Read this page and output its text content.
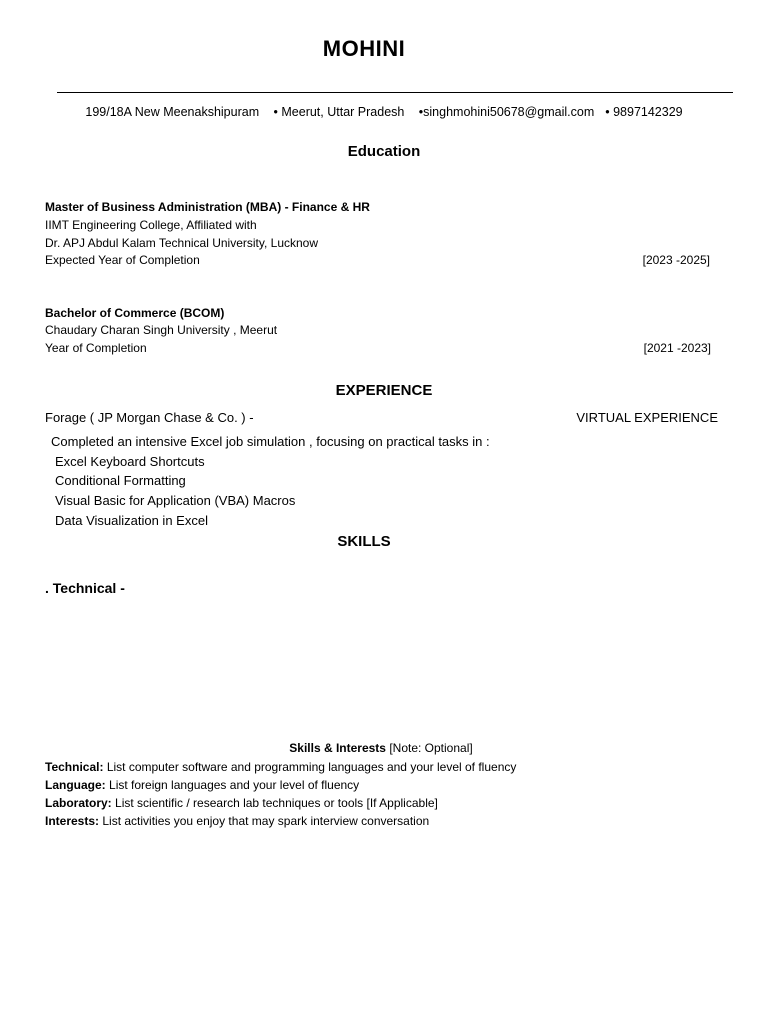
MOHINI
199/18A New Meenakshipuram • Meerut, Uttar Pradesh •singhmohini50678@gmail.com • 9897142329
Education
Master of Business Administration (MBA) - Finance & HR
IIMT Engineering College, Affiliated with
Dr. APJ Abdul Kalam Technical University, Lucknow
Expected Year of Completion	[2023 -2025]
Bachelor of Commerce (BCOM)
Chaudary Charan Singh University , Meerut
Year of Completion	[2021 -2023]
EXPERIENCE
Forage ( JP Morgan Chase & Co. ) -	VIRTUAL EXPERIENCE
Completed an intensive Excel job simulation , focusing on practical tasks in :
Excel Keyboard Shortcuts
Conditional Formatting
Visual Basic for Application (VBA) Macros
Data Visualization in Excel
SKILLS
. Technical -
Skills & Interests [Note: Optional]
Technical: List computer software and programming languages and your level of fluency
Language: List foreign languages and your level of fluency
Laboratory: List scientific / research lab techniques or tools [If Applicable]
Interests: List activities you enjoy that may spark interview conversation
